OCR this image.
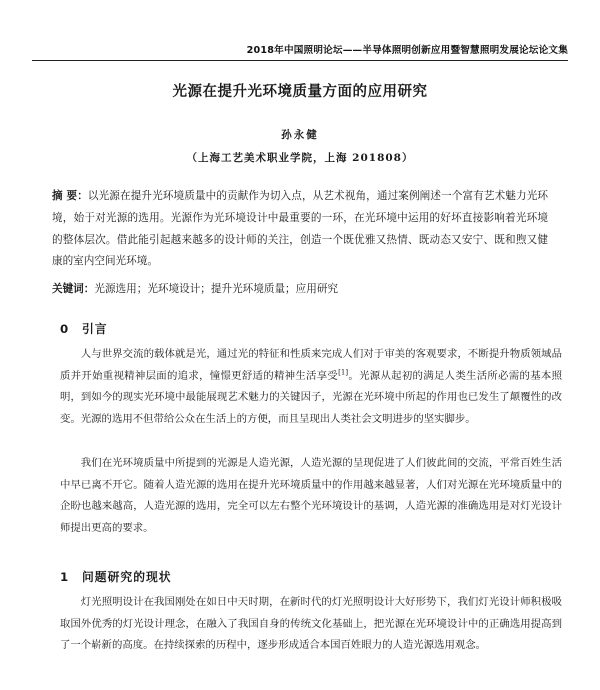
2018年中国照明论坛——半导体照明创新应用暨智慧照明发展论坛论文集
光源在提升光环境质量方面的应用研究
孙永健
（上海工艺美术职业学院，上海 201808）
摘 要：以光源在提升光环境质量中的贡献作为切入点，从艺术视角，通过案例阐述一个富有艺术魅力光环境，始于对光源的选用。光源作为光环境设计中最重要的一环，在光环境中运用的好坏直接影响着光环境的整体层次。借此能引起越来越多的设计师的关注，创造一个既优雅又热情、既动态又安宁、既和煦又健康的室内空间光环境。
关键词：光源选用；光环境设计；提升光环境质量；应用研究
0 引言
人与世界交流的载体就是光，通过光的特征和性质来完成人们对于审美的客观要求，不断提升物质领域品质并开始重视精神层面的追求，憧憬更舒适的精神生活享受[1]。光源从起初的满足人类生活所必需的基本照明，到如今的现实光环境中最能展现艺术魅力的关键因子，光源在光环境中所起的作用也已发生了颠覆性的改变。光源的选用不但带给公众在生活上的方便，而且呈现出人类社会文明进步的坚实脚步。
我们在光环境质量中所提到的光源是人造光源，人造光源的呈现促进了人们彼此间的交流，平常百姓生活中早已离不开它。随着人造光源的选用在提升光环境质量中的作用越来越显著，人们对光源在光环境质量中的企盼也越来越高，人造光源的选用，完全可以左右整个光环境设计的基调，人造光源的准确选用是对灯光设计师提出更高的要求。
1 问题研究的现状
灯光照明设计在我国刚处在如日中天时期，在新时代的灯光照明设计大好形势下，我们灯光设计师积极吸取国外优秀的灯光设计理念，在融入了我国自身的传统文化基础上，把光源在光环境设计中的正确选用提高到了一个崭新的高度。在持续探索的历程中，逐步形成适合本国百姓眼力的人造光源选用观念。
